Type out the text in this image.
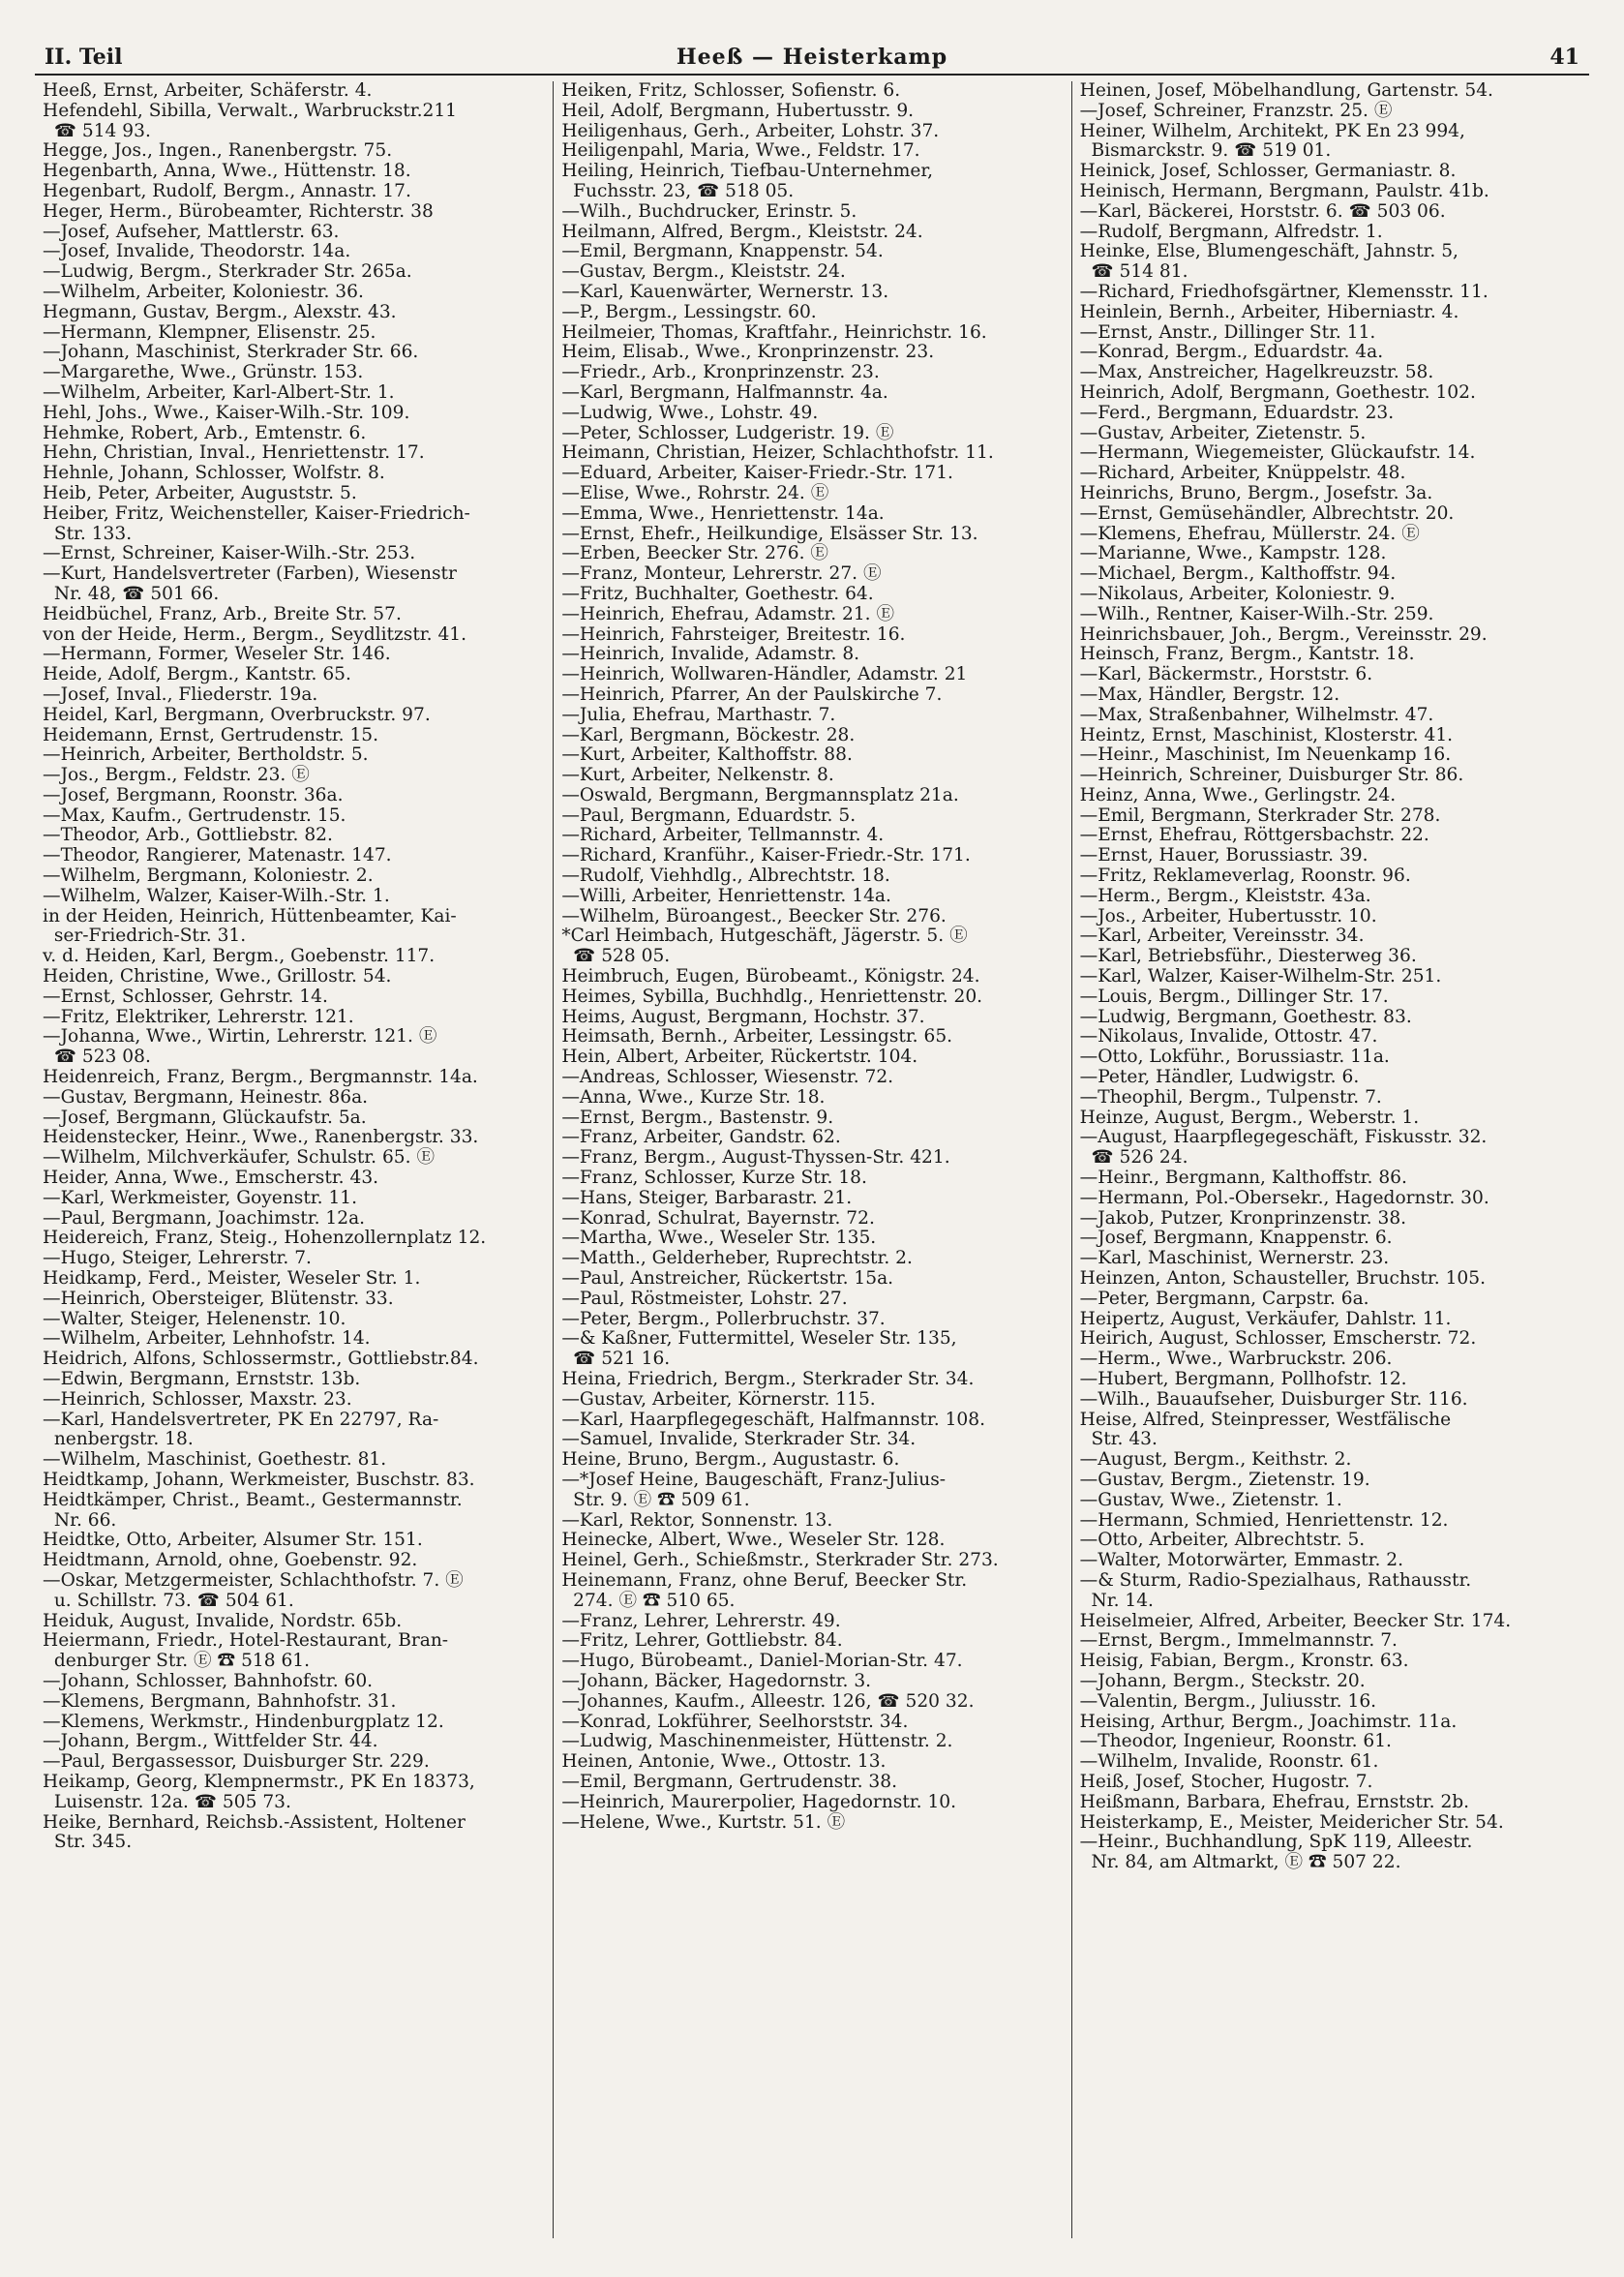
II. Teil	Heeß — Heisterkamp	41

Heeß, Ernst, Arbeiter, Schäferstr. 4.

Hefendehl, Sibilla, Verwalt., Warbruckstr.211

☎ 514 93.

Hegge, Jos., Ingen., Ranenbergstr. 75.

Hegenbarth, Anna, Wwe., Hüttenstr. 18.

Hegenbart, Rudolf, Bergm., Annastr. 17.

Heger, Herm., Bürobeamter, Richterstr. 38

—Josef, Aufseher, Mattlerstr. 63.

—Josef, Invalide, Theodorstr. 14a.

—Ludwig, Bergm., Sterkrader Str. 265a.

—Wilhelm, Arbeiter, Koloniestr. 36.

Hegmann, Gustav, Bergm., Alexstr. 43.

—Hermann, Klempner, Elisenstr. 25.

—Johann, Maschinist, Sterkrader Str. 66.

—Margarethe, Wwe., Grünstr. 153.

—Wilhelm, Arbeiter, Karl-Albert-Str. 1.

Hehl, Johs., Wwe., Kaiser-Wilh.-Str. 109.

Hehmke, Robert, Arb., Emtenstr. 6.

Hehn, Christian, Inval., Henriettenstr. 17.

Hehnle, Johann, Schlosser, Wolfstr. 8.

Heib, Peter, Arbeiter, Auguststr. 5.

Heiber, Fritz, Weichensteller, Kaiser-Friedrich-

Str. 133.

—Ernst, Schreiner, Kaiser-Wilh.-Str. 253.

—Kurt, Handelsvertreter (Farben), Wiesenstr

Nr. 48, ☎ 501 66.

Heidbüchel, Franz, Arb., Breite Str. 57.

von der Heide, Herm., Bergm., Seydlitzstr. 41.

—Hermann, Former, Weseler Str. 146.

Heide, Adolf, Bergm., Kantstr. 65.

—Josef, Inval., Fliederstr. 19a.

Heidel, Karl, Bergmann, Overbruckstr. 97.

Heidemann, Ernst, Gertrudenstr. 15.

—Heinrich, Arbeiter, Bertholdstr. 5.

—Jos., Bergm., Feldstr. 23. Ⓔ

—Josef, Bergmann, Roonstr. 36a.

—Max, Kaufm., Gertrudenstr. 15.

—Theodor, Arb., Gottliebstr. 82.

—Theodor, Rangierer, Matenastr. 147.

—Wilhelm, Bergmann, Koloniestr. 2.

—Wilhelm, Walzer, Kaiser-Wilh.-Str. 1.

in der Heiden, Heinrich, Hüttenbeamter, Kai-

ser-Friedrich-Str. 31.

v. d. Heiden, Karl, Bergm., Goebenstr. 117.

Heiden, Christine, Wwe., Grillostr. 54.

—Ernst, Schlosser, Gehrstr. 14.

—Fritz, Elektriker, Lehrerstr. 121.

—Johanna, Wwe., Wirtin, Lehrerstr. 121. Ⓔ

☎ 523 08.

Heidenreich, Franz, Bergm., Bergmannstr. 14a.

—Gustav, Bergmann, Heinestr. 86a.

—Josef, Bergmann, Glückaufstr. 5a.

Heidenstecker, Heinr., Wwe., Ranenbergstr. 33.

—Wilhelm, Milchverkäufer, Schulstr. 65. Ⓔ

Heider, Anna, Wwe., Emscherstr. 43.

—Karl, Werkmeister, Goyenstr. 11.

—Paul, Bergmann, Joachimstr. 12a.

Heidereich, Franz, Steig., Hohenzollernplatz 12.

—Hugo, Steiger, Lehrerstr. 7.

Heidkamp, Ferd., Meister, Weseler Str. 1.

—Heinrich, Obersteiger, Blütenstr. 33.

—Walter, Steiger, Helenenstr. 10.

—Wilhelm, Arbeiter, Lehnhofstr. 14.

Heidrich, Alfons, Schlossermstr., Gottliebstr.84.

—Edwin, Bergmann, Ernststr. 13b.

—Heinrich, Schlosser, Maxstr. 23.

—Karl, Handelsvertreter, PK En 22797, Ra-

nenbergstr. 18.

—Wilhelm, Maschinist, Goethestr. 81.

Heidtkamp, Johann, Werkmeister, Buschstr. 83.

Heidtkämper, Christ., Beamt., Gestermannstr.

Nr. 66.

Heidtke, Otto, Arbeiter, Alsumer Str. 151.

Heidtmann, Arnold, ohne, Goebenstr. 92.

—Oskar, Metzgermeister, Schlachthofstr. 7. Ⓔ

u. Schillstr. 73. ☎ 504 61.

Heiduk, August, Invalide, Nordstr. 65b.

Heiermann, Friedr., Hotel-Restaurant, Bran-

denburger Str. Ⓔ ☎ 518 61.

—Johann, Schlosser, Bahnhofstr. 60.

—Klemens, Bergmann, Bahnhofstr. 31.

—Klemens, Werkmstr., Hindenburgplatz 12.

—Johann, Bergm., Wittfelder Str. 44.

—Paul, Bergassessor, Duisburger Str. 229.

Heikamp, Georg, Klempnermstr., PK En 18373,

Luisenstr. 12a. ☎ 505 73.

Heike, Bernhard, Reichsb.-Assistent, Holtener

Str. 345.

Heiken, Fritz, Schlosser, Sofienstr. 6.

Heil, Adolf, Bergmann, Hubertusstr. 9.

Heiligenhaus, Gerh., Arbeiter, Lohstr. 37.

Heiligenpahl, Maria, Wwe., Feldstr. 17.

Heiling, Heinrich, Tiefbau-Unternehmer,

Fuchsstr. 23, ☎ 518 05.

—Wilh., Buchdrucker, Erinstr. 5.

Heilmann, Alfred, Bergm., Kleiststr. 24.

—Emil, Bergmann, Knappenstr. 54.

—Gustav, Bergm., Kleiststr. 24.

—Karl, Kauenwärter, Wernerstr. 13.

—P., Bergm., Lessingstr. 60.

Heilmeier, Thomas, Kraftfahr., Heinrichstr. 16.

Heim, Elisab., Wwe., Kronprinzenstr. 23.

—Friedr., Arb., Kronprinzenstr. 23.

—Karl, Bergmann, Halfmannstr. 4a.

—Ludwig, Wwe., Lohstr. 49.

—Peter, Schlosser, Ludgeristr. 19. Ⓔ

Heimann, Christian, Heizer, Schlachthofstr. 11.

—Eduard, Arbeiter, Kaiser-Friedr.-Str. 171.

—Elise, Wwe., Rohrstr. 24. Ⓔ

—Emma, Wwe., Henriettenstr. 14a.

—Ernst, Ehefr., Heilkundige, Elsässer Str. 13.

—Erben, Beecker Str. 276. Ⓔ

—Franz, Monteur, Lehrerstr. 27. Ⓔ

—Fritz, Buchhalter, Goethestr. 64.

—Heinrich, Ehefrau, Adamstr. 21. Ⓔ

—Heinrich, Fahrsteiger, Breitestr. 16.

—Heinrich, Invalide, Adamstr. 8.

—Heinrich, Wollwaren-Händler, Adamstr. 21

—Heinrich, Pfarrer, An der Paulskirche 7.

—Julia, Ehefrau, Marthastr. 7.

—Karl, Bergmann, Böckestr. 28.

—Kurt, Arbeiter, Kalthoffstr. 88.

—Kurt, Arbeiter, Nelkenstr. 8.

—Oswald, Bergmann, Bergmannsplatz 21a.

—Paul, Bergmann, Eduardstr. 5.

—Richard, Arbeiter, Tellmannstr. 4.

—Richard, Kranführ., Kaiser-Friedr.-Str. 171.

—Rudolf, Viehhdlg., Albrechtstr. 18.

—Willi, Arbeiter, Henriettenstr. 14a.

—Wilhelm, Büroangest., Beecker Str. 276.

*Carl Heimbach, Hutgeschäft, Jägerstr. 5. Ⓔ

☎ 528 05.

Heimbruch, Eugen, Bürobeamt., Königstr. 24.

Heimes, Sybilla, Buchhdlg., Henriettenstr. 20.

Heims, August, Bergmann, Hochstr. 37.

Heimsath, Bernh., Arbeiter, Lessingstr. 65.

Hein, Albert, Arbeiter, Rückertstr. 104.

—Andreas, Schlosser, Wiesenstr. 72.

—Anna, Wwe., Kurze Str. 18.

—Ernst, Bergm., Bastenstr. 9.

—Franz, Arbeiter, Gandstr. 62.

—Franz, Bergm., August-Thyssen-Str. 421.

—Franz, Schlosser, Kurze Str. 18.

—Hans, Steiger, Barbarastr. 21.

—Konrad, Schulrat, Bayernstr. 72.

—Martha, Wwe., Weseler Str. 135.

—Matth., Gelderheber, Ruprechtstr. 2.

—Paul, Anstreicher, Rückertstr. 15a.

—Paul, Röstmeister, Lohstr. 27.

—Peter, Bergm., Pollerbruchstr. 37.

—& Kaßner, Futtermittel, Weseler Str. 135,

☎ 521 16.

Heina, Friedrich, Bergm., Sterkrader Str. 34.

—Gustav, Arbeiter, Körnerstr. 115.

—Karl, Haarpflegegeschäft, Halfmannstr. 108.

—Samuel, Invalide, Sterkrader Str. 34.

Heine, Bruno, Bergm., Augustastr. 6.

—*Josef Heine, Baugeschäft, Franz-Julius-

Str. 9. Ⓔ ☎ 509 61.

—Karl, Rektor, Sonnenstr. 13.

Heinecke, Albert, Wwe., Weseler Str. 128.

Heinel, Gerh., Schießmstr., Sterkrader Str. 273.

Heinemann, Franz, ohne Beruf, Beecker Str.

274. Ⓔ ☎ 510 65.

—Franz, Lehrer, Lehrerstr. 49.

—Fritz, Lehrer, Gottliebstr. 84.

—Hugo, Bürobeamt., Daniel-Morian-Str. 47.

—Johann, Bäcker, Hagedornstr. 3.

—Johannes, Kaufm., Alleestr. 126, ☎ 520 32.

—Konrad, Lokführer, Seelhorststr. 34.

—Ludwig, Maschinenmeister, Hüttenstr. 2.

Heinen, Antonie, Wwe., Ottostr. 13.

—Emil, Bergmann, Gertrudenstr. 38.

—Heinrich, Maurerpolier, Hagedornstr. 10.

—Helene, Wwe., Kurtstr. 51. Ⓔ

Heinen, Josef, Möbelhandlung, Gartenstr. 54.

—Josef, Schreiner, Franzstr. 25. Ⓔ

Heiner, Wilhelm, Architekt, PK En 23 994,

Bismarckstr. 9. ☎ 519 01.

Heinick, Josef, Schlosser, Germaniastr. 8.

Heinisch, Hermann, Bergmann, Paulstr. 41b.

—Karl, Bäckerei, Horststr. 6. ☎ 503 06.

—Rudolf, Bergmann, Alfredstr. 1.

Heinke, Else, Blumengeschäft, Jahnstr. 5,

☎ 514 81.

—Richard, Friedhofsgärtner, Klemensstr. 11.

Heinlein, Bernh., Arbeiter, Hiberniastr. 4.

—Ernst, Anstr., Dillinger Str. 11.

—Konrad, Bergm., Eduardstr. 4a.

—Max, Anstreicher, Hagelkreuzstr. 58.

Heinrich, Adolf, Bergmann, Goethestr. 102.

—Ferd., Bergmann, Eduardstr. 23.

—Gustav, Arbeiter, Zietenstr. 5.

—Hermann, Wiegemeister, Glückaufstr. 14.

—Richard, Arbeiter, Knüppelstr. 48.

Heinrichs, Bruno, Bergm., Josefstr. 3a.

—Ernst, Gemüsehändler, Albrechtstr. 20.

—Klemens, Ehefrau, Müllerstr. 24. Ⓔ

—Marianne, Wwe., Kampstr. 128.

—Michael, Bergm., Kalthoffstr. 94.

—Nikolaus, Arbeiter, Koloniestr. 9.

—Wilh., Rentner, Kaiser-Wilh.-Str. 259.

Heinrichsbauer, Joh., Bergm., Vereinsstr. 29.

Heinsch, Franz, Bergm., Kantstr. 18.

—Karl, Bäckermstr., Horststr. 6.

—Max, Händler, Bergstr. 12.

—Max, Straßenbahner, Wilhelmstr. 47.

Heintz, Ernst, Maschinist, Klosterstr. 41.

—Heinr., Maschinist, Im Neuenkamp 16.

—Heinrich, Schreiner, Duisburger Str. 86.

Heinz, Anna, Wwe., Gerlingstr. 24.

—Emil, Bergmann, Sterkrader Str. 278.

—Ernst, Ehefrau, Röttgersbachstr. 22.

—Ernst, Hauer, Borussiastr. 39.

—Fritz, Reklameverlag, Roonstr. 96.

—Herm., Bergm., Kleiststr. 43a.

—Jos., Arbeiter, Hubertusstr. 10.

—Karl, Arbeiter, Vereinsstr. 34.

—Karl, Betriebsführ., Diesterweg 36.

—Karl, Walzer, Kaiser-Wilhelm-Str. 251.

—Louis, Bergm., Dillinger Str. 17.

—Ludwig, Bergmann, Goethestr. 83.

—Nikolaus, Invalide, Ottostr. 47.

—Otto, Lokführ., Borussiastr. 11a.

—Peter, Händler, Ludwigstr. 6.

—Theophil, Bergm., Tulpenstr. 7.

Heinze, August, Bergm., Weberstr. 1.

—August, Haarpflegegeschäft, Fiskusstr. 32.

☎ 526 24.

—Heinr., Bergmann, Kalthoffstr. 86.

—Hermann, Pol.-Obersekr., Hagedornstr. 30.

—Jakob, Putzer, Kronprinzenstr. 38.

—Josef, Bergmann, Knappenstr. 6.

—Karl, Maschinist, Wernerstr. 23.

Heinzen, Anton, Schausteller, Bruchstr. 105.

—Peter, Bergmann, Carpstr. 6a.

Heipertz, August, Verkäufer, Dahlstr. 11.

Heirich, August, Schlosser, Emscherstr. 72.

—Herm., Wwe., Warbruckstr. 206.

—Hubert, Bergmann, Pollhofstr. 12.

—Wilh., Bauaufseher, Duisburger Str. 116.

Heise, Alfred, Steinpresser, Westfälische

Str. 43.

—August, Bergm., Keithstr. 2.

—Gustav, Bergm., Zietenstr. 19.

—Gustav, Wwe., Zietenstr. 1.

—Hermann, Schmied, Henriettenstr. 12.

—Otto, Arbeiter, Albrechtstr. 5.

—Walter, Motorwärter, Emmastr. 2.

—& Sturm, Radio-Spezialhaus, Rathausstr.

Nr. 14.

Heiselmeier, Alfred, Arbeiter, Beecker Str. 174.

—Ernst, Bergm., Immelmannstr. 7.

Heisig, Fabian, Bergm., Kronstr. 63.

—Johann, Bergm., Steckstr. 20.

—Valentin, Bergm., Juliusstr. 16.

Heising, Arthur, Bergm., Joachimstr. 11a.

—Theodor, Ingenieur, Roonstr. 61.

—Wilhelm, Invalide, Roonstr. 61.

Heiß, Josef, Stocher, Hugostr. 7.

Heißmann, Barbara, Ehefrau, Ernststr. 2b.

Heisterkamp, E., Meister, Meidericher Str. 54.

—Heinr., Buchhandlung, SpK 119, Alleestr.

Nr. 84, am Altmarkt, Ⓔ ☎ 507 22.
